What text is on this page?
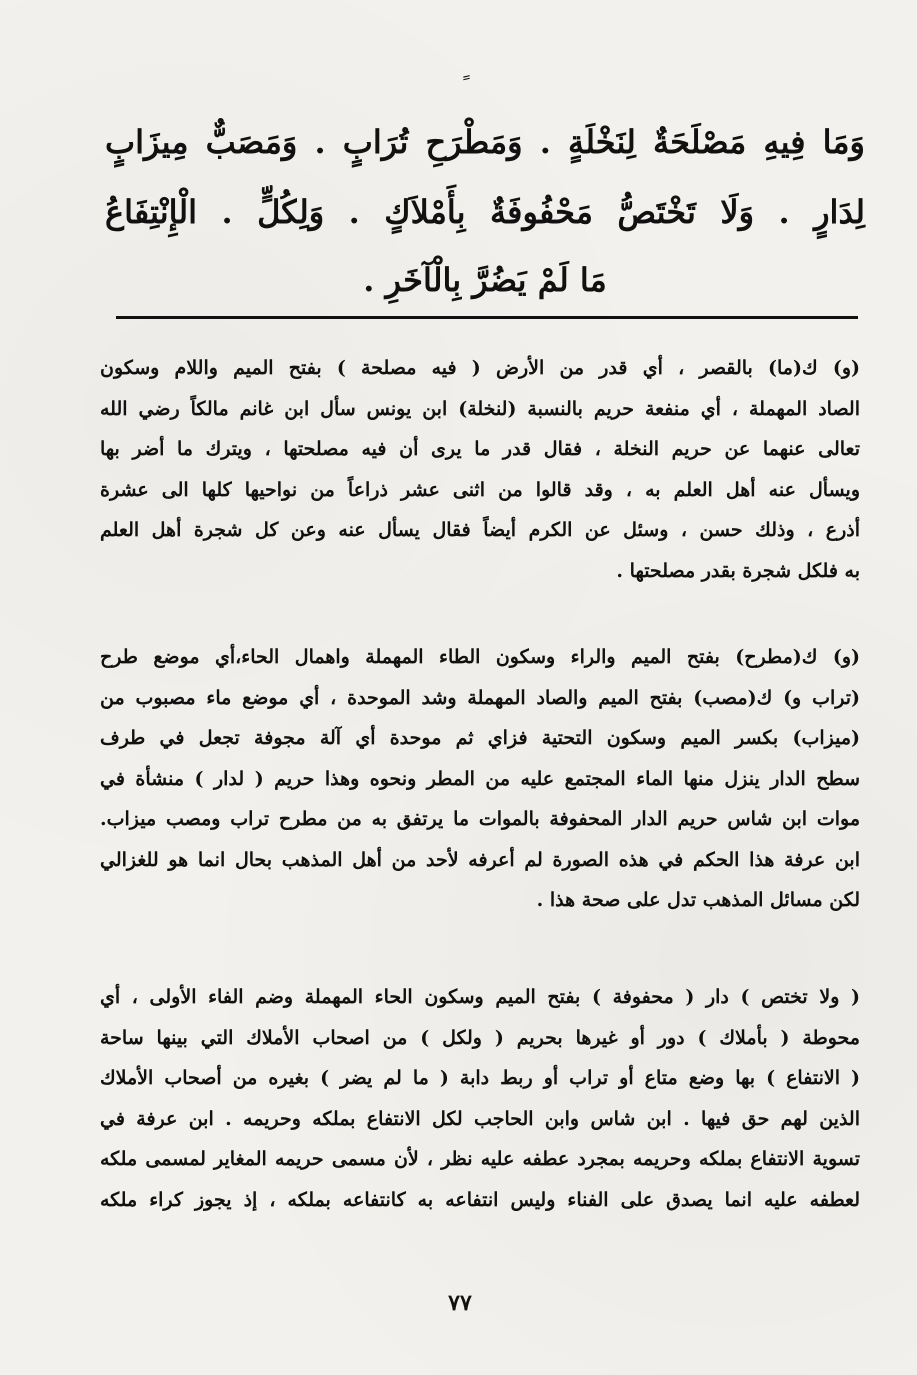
وَمَا فِيهِ مَصْلَحَةٌ لِنَخْلَةٍ . وَمَطْرَحِ تُرَابٍ . وَمَصَبٌّ مِيزَابٍ
لِدَارٍ . وَلَا تَخْتَصُّ مَحْفُوفَةٌ بِأَمْلاَكٍ . وَلِكُلٍّ . الْإِنْتِفَاعُ
مَا لَمْ يَضُرَّ بِالْآخَرِ .
(و) ك(ما) بالقصر ، أي قدر من الأرض ( فيه مصلحة ) بفتح الميم واللام وسكون
الصاد المهملة ، أي منفعة حريم بالنسبة (لنخلة) ابن يونس سأل ابن غانم مالكاً رضي الله
تعالى عنهما عن حريم النخلة ، فقال قدر ما يرى أن فيه مصلحتها ، ويترك ما أضر بها
ويسأل عنه أهل العلم به ، وقد قالوا من اثنى عشر ذراعاً من نواحيها كلها الى عشرة
أذرع ، وذلك حسن ، وسئل عن الكرم أيضاً فقال يسأل عنه وعن كل شجرة أهل العلم
به فلكل شجرة بقدر مصلحتها .
(و) ك(مطرح) بفتح الميم والراء وسكون الطاء المهملة واهمال الحاء،أي موضع طرح
(تراب و) ك(مصب) بفتح الميم والصاد المهملة وشد الموحدة ، أي موضع ماء مصبوب من
(ميزاب) بكسر الميم وسكون التحتية فزاي ثم موحدة أي آلة مجوفة تجعل في طرف
سطح الدار ينزل منها الماء المجتمع عليه من المطر ونحوه وهذا حريم ( لدار ) منشأة في
موات ابن شاس حريم الدار المحفوفة بالموات ما يرتفق به من مطرح تراب ومصب ميزاب.
ابن عرفة هذا الحكم في هذه الصورة لم أعرفه لأحد من أهل المذهب بحال انما هو للغزالي
لكن مسائل المذهب تدل على صحة هذا .
( ولا تختص ) دار ( محفوفة ) بفتح الميم وسكون الحاء المهملة وضم الفاء الأولى ، أي
محوطة ( بأملاك ) دور أو غيرها بحريم ( ولكل ) من اصحاب الأملاك التي بينها ساحة
( الانتفاع ) بها وضع متاع أو تراب أو ربط دابة ( ما لم يضر ) بغيره من أصحاب الأملاك
الذين لهم حق فيها . ابن شاس وابن الحاجب لكل الانتفاع بملكه وحريمه . ابن عرفة في
تسوية الانتفاع بملكه وحريمه بمجرد عطفه عليه نظر ، لأن مسمى حريمه المغاير لمسمى ملكه
لعطفه عليه انما يصدق على الفناء وليس انتفاعه به كانتفاعه بملكه ، إذ يجوز كراء ملكه
٧٧
